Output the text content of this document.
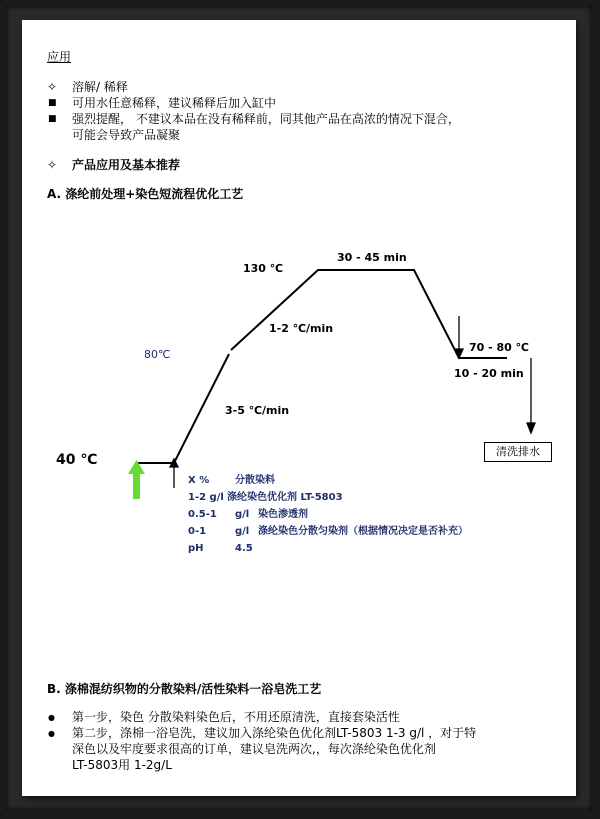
应用
✧ 溶解/ 稀释
■ 可用水任意稀释，建议稀释后加入缸中
■ 强烈提醒， 不建议本品在没有稀释前，同其他产品在高浓的情况下混合，
可能会导致产品凝聚
✧ 产品应用及基本推荐
A. 涤纶前处理+染色短流程优化工艺
40 ℃
80℃
130 ℃
30 - 45 min
1-2 ℃/min
3-5 ℃/min
70 - 80 ℃
10 - 20 min
清洗排水
X %	分散染料
1-2 g/l 涤纶染色优化剂 LT-5803
0.5-1 g/l 染色渗透剂
0-1	g/l 涤纶染色分散匀染剂（根据情况决定是否补充）
pH	4.5
B. 涤棉混纺织物的分散染料/活性染料一浴皂洗工艺
● 第一步，染色 分散染料染色后，不用还原清洗，直接套染活性
● 第二步，涤棉一浴皂洗，建议加入涤纶染色优化剂LT-5803 1-3 g/l ，对于特
深色以及牢度要求很高的订单，建议皂洗两次,，每次涤纶染色优化剂
LT-5803用 1-2g/L
